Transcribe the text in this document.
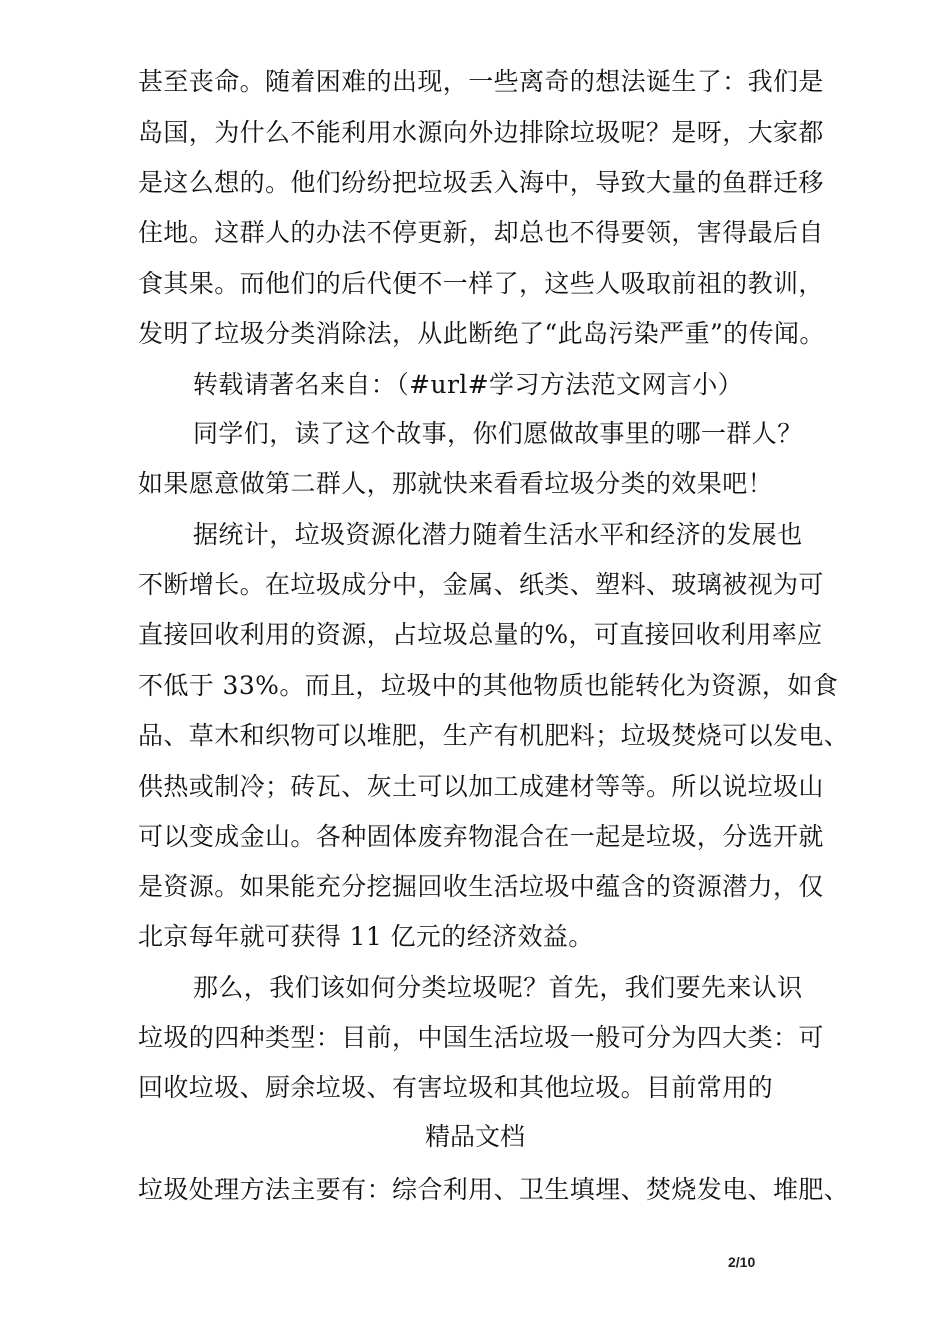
甚至丧命。随着困难的出现，一些离奇的想法诞生了：我们是
岛国，为什么不能利用水源向外边排除垃圾呢？是呀，大家都
是这么想的。他们纷纷把垃圾丢入海中，导致大量的鱼群迁移
住地。这群人的办法不停更新，却总也不得要领，害得最后自
食其果。而他们的后代便不一样了，这些人吸取前祖的教训，
发明了垃圾分类消除法，从此断绝了“此岛污染严重”的传闻。
转载请著名来自：（#url#学习方法范文网言小）
同学们，读了这个故事，你们愿做故事里的哪一群人？
如果愿意做第二群人，那就快来看看垃圾分类的效果吧！
据统计，垃圾资源化潜力随着生活水平和经济的发展也
不断增长。在垃圾成分中，金属、纸类、塑料、玻璃被视为可
直接回收利用的资源，占垃圾总量的%，可直接回收利用率应
不低于 33%。而且，垃圾中的其他物质也能转化为资源，如食
品、草木和织物可以堆肥，生产有机肥料；垃圾焚烧可以发电、
供热或制冷；砖瓦、灰土可以加工成建材等等。所以说垃圾山
可以变成金山。各种固体废弃物混合在一起是垃圾，分选开就
是资源。如果能充分挖掘回收生活垃圾中蕴含的资源潜力，仅
北京每年就可获得 11 亿元的经济效益。
那么，我们该如何分类垃圾呢？首先，我们要先来认识
垃圾的四种类型：目前，中国生活垃圾一般可分为四大类：可
回收垃圾、厨余垃圾、有害垃圾和其他垃圾。目前常用的
精品文档
垃圾处理方法主要有：综合利用、卫生填埋、焚烧发电、堆肥、
2/10
